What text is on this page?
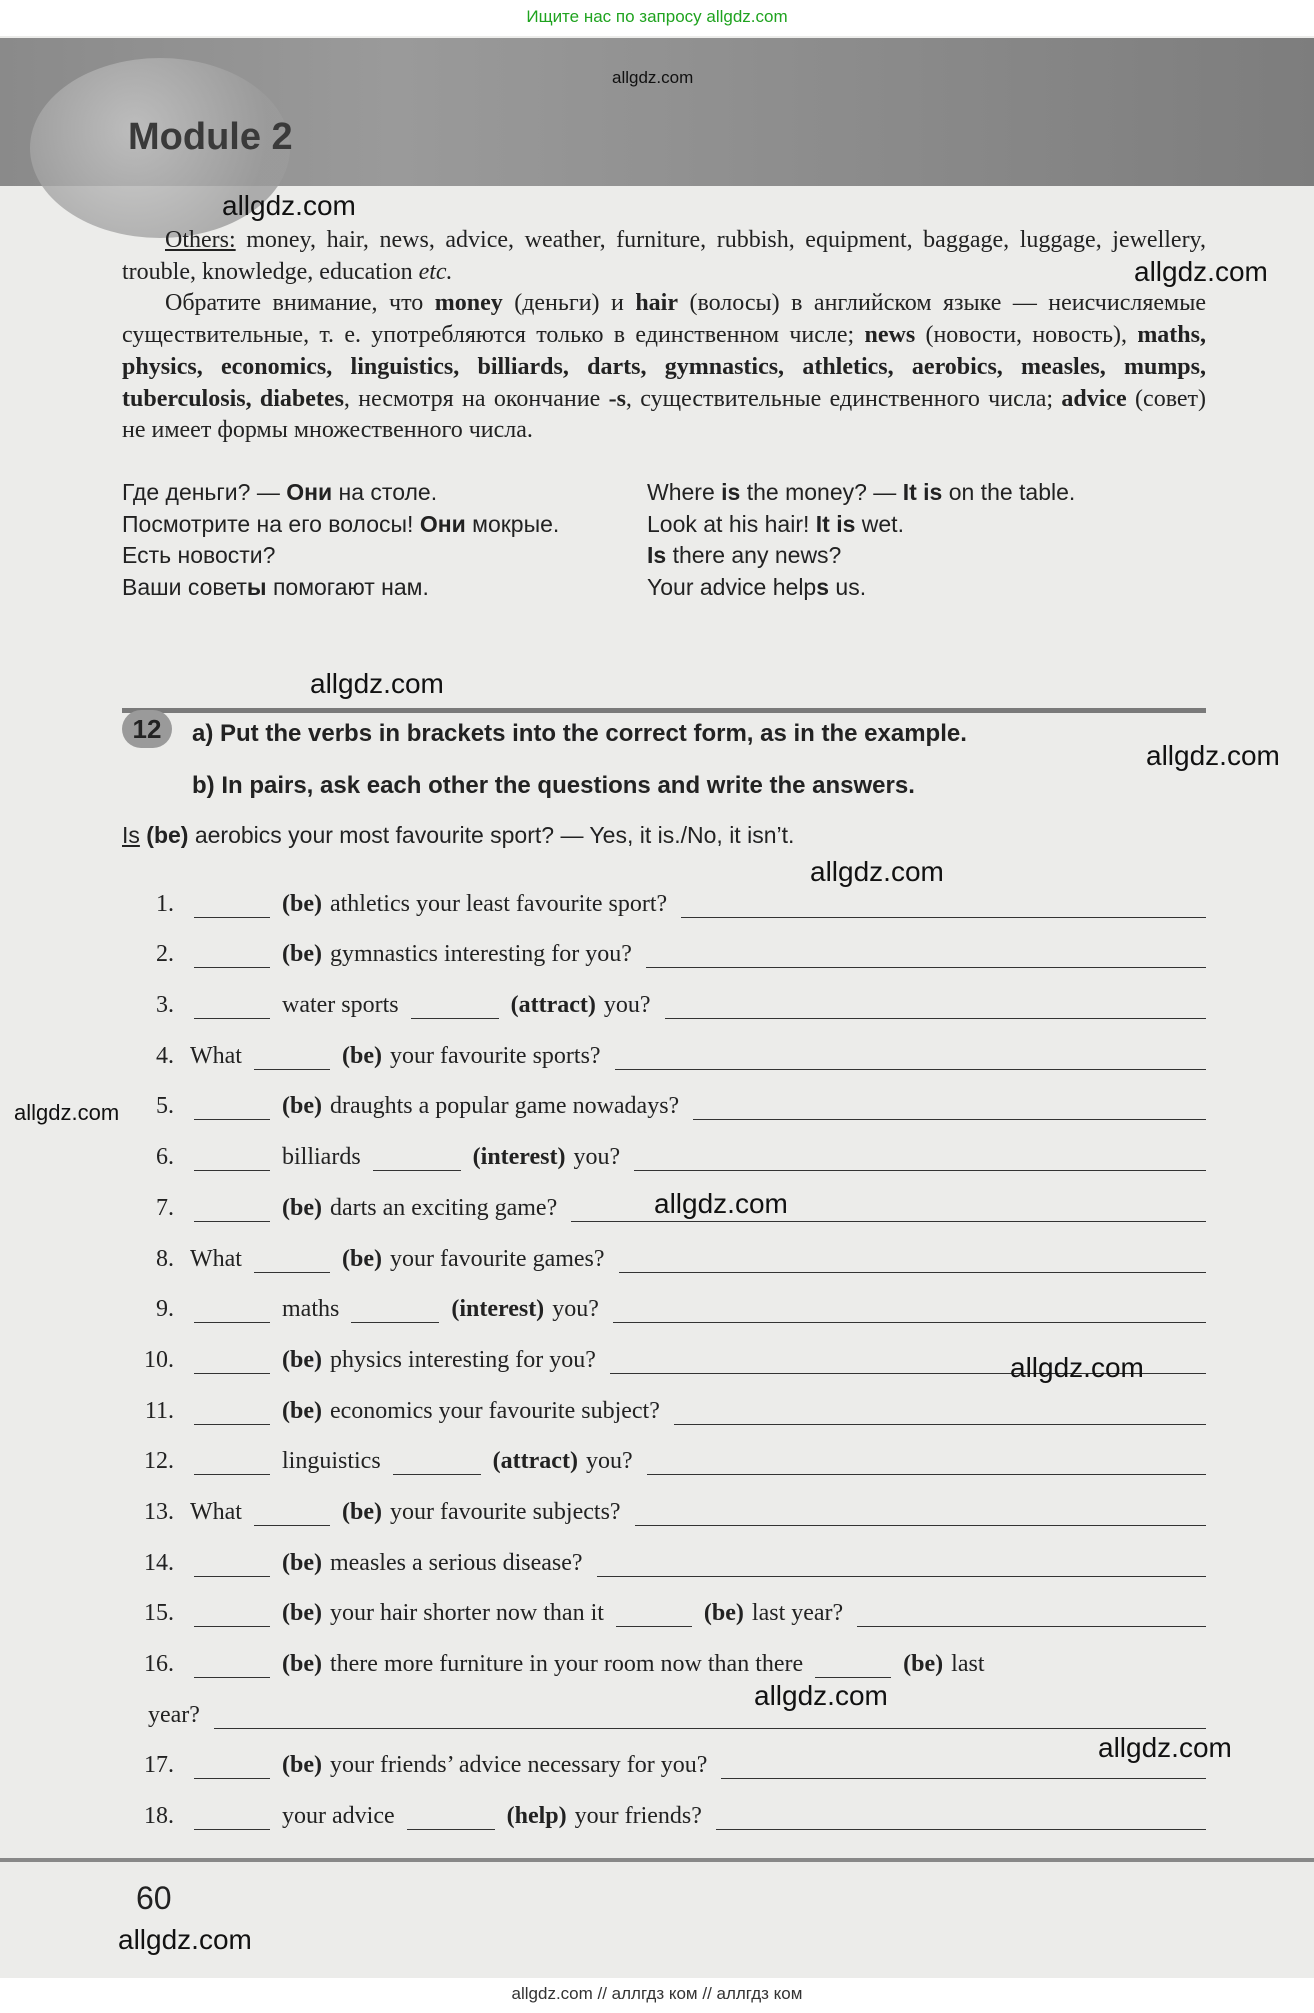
Ищите нас по запросу allgdz.com
allgdz.com
Module 2

Others: money, hair, news, advice, weather, furniture, rubbish, equipment, baggage, luggage, jewellery, trouble, knowledge, education etc.

Обратите внимание, что money (деньги) и hair (волосы) в английском языке — неисчисляемые существительные, т. е. употребляются только в единственном числе; news (новости, новость), maths, physics, economics, linguistics, billiards, darts, gymnastics, athletics, aerobics, measles, mumps, tuberculosis, diabetes, несмотря на окончание -s, существительные единственного числа; advice (совет) не имеет формы множественного числа.

Где деньги? — Они на столе.	Where is the money? — It is on the table.
Посмотрите на его волосы! Они мокрые.	Look at his hair! It is wet.
Есть новости?	Is there any news?
Ваши советы помогают нам.	Your advice helps us.
12	a) Put the verbs in brackets into the correct form, as in the example.
b) In pairs, ask each other the questions and write the answers.
Is (be) aerobics your most favourite sport? — Yes, it is./No, it isn’t.
1.	(be) athletics your least favourite sport?
2.	(be) gymnastics interesting for you?
3.	water sports	(attract) you?
4. What	(be) your favourite sports?
5.	(be) draughts a popular game nowadays?
6.	billiards	(interest) you?
7.	(be) darts an exciting game?
8. What	(be) your favourite games?
9.	maths	(interest) you?
10.	(be) physics interesting for you?
11.	(be) economics your favourite subject?
12.	linguistics	(attract) you?
13. What	(be) your favourite subjects?
14.	(be) measles a serious disease?
15.	(be) your hair shorter now than it	(be) last year?
16.	(be) there more furniture in your room now than there	(be) last
year?
17.	(be) your friends’ advice necessary for you?
18.	your advice	(help) your friends?
allgdz.com
allgdz.com
allgdz.com
allgdz.com
allgdz.com
allgdz.com
allgdz.com
allgdz.com
allgdz.com
allgdz.com
allgdz.com
60
allgdz.com // аллгдз ком // аллгдз ком
